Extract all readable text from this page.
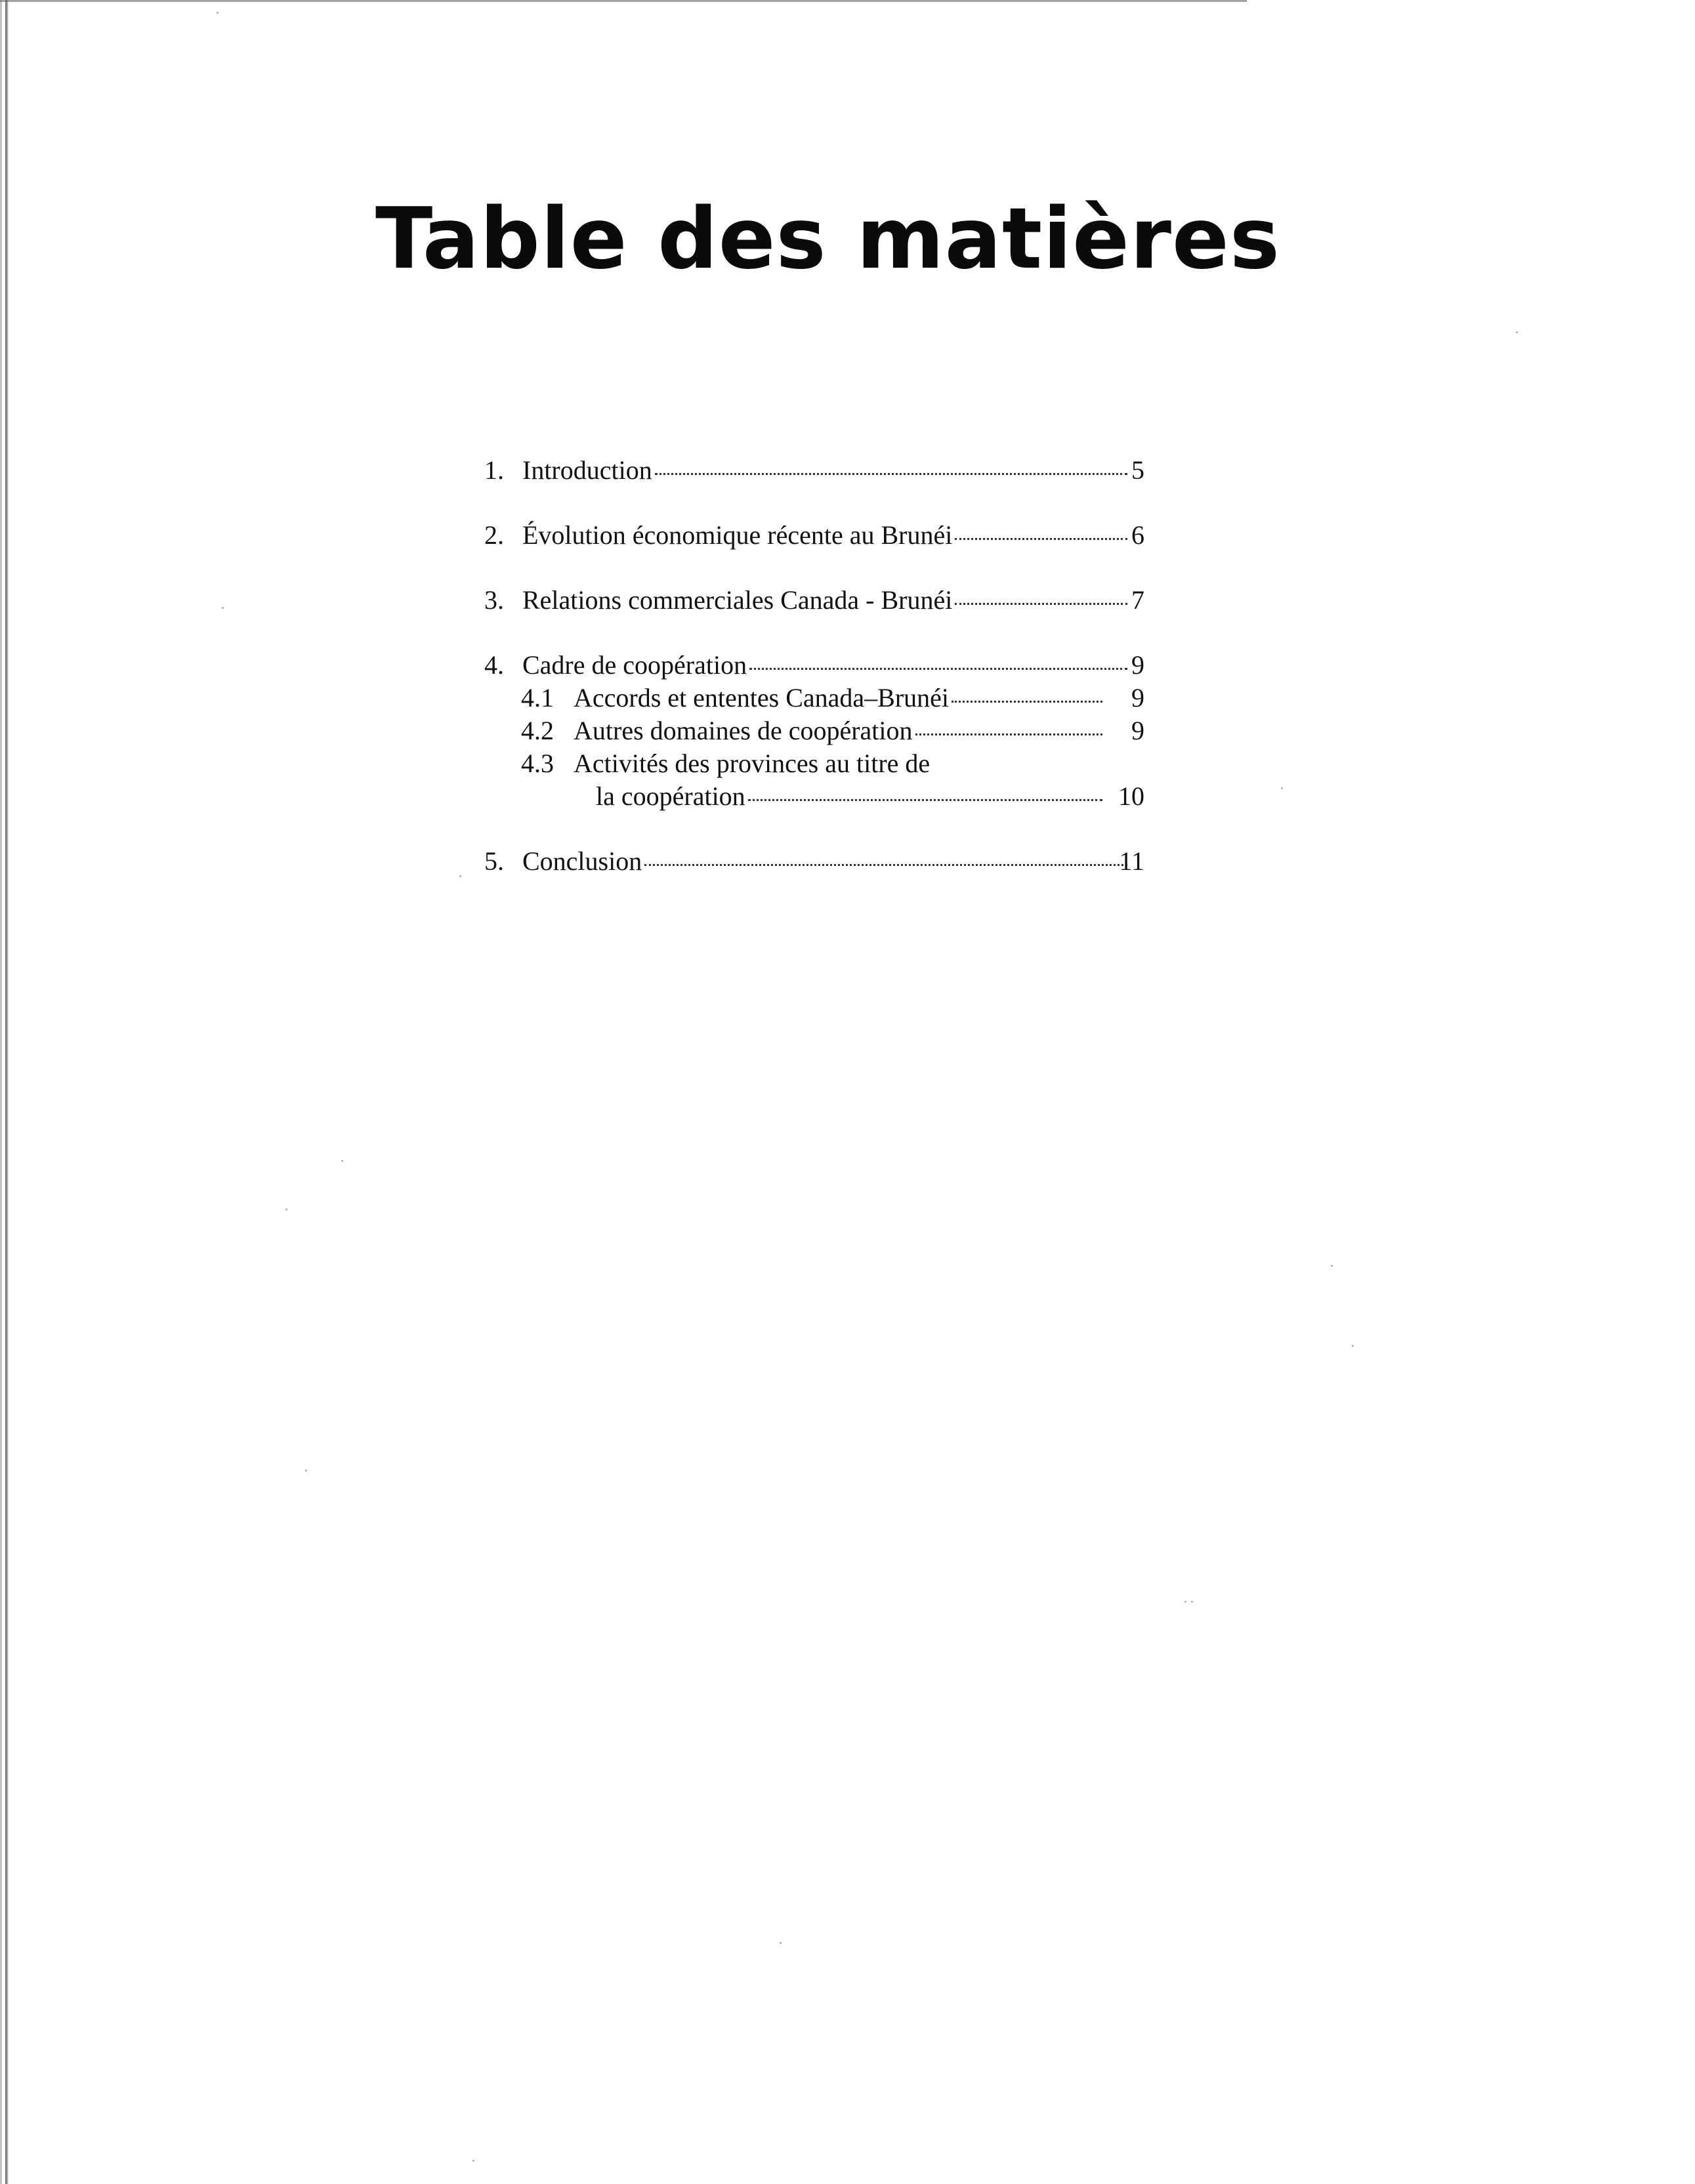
Table des matières
1. Introduction	5
2. Évolution économique récente au Brunéi	6
3. Relations commerciales Canada - Brunéi	7
4. Cadre de coopération	9
4.1 Accords et ententes Canada–Brunéi	9
4.2 Autres domaines de coopération	9
4.3 Activités des provinces au titre de
la coopération	10
5. Conclusion	11
